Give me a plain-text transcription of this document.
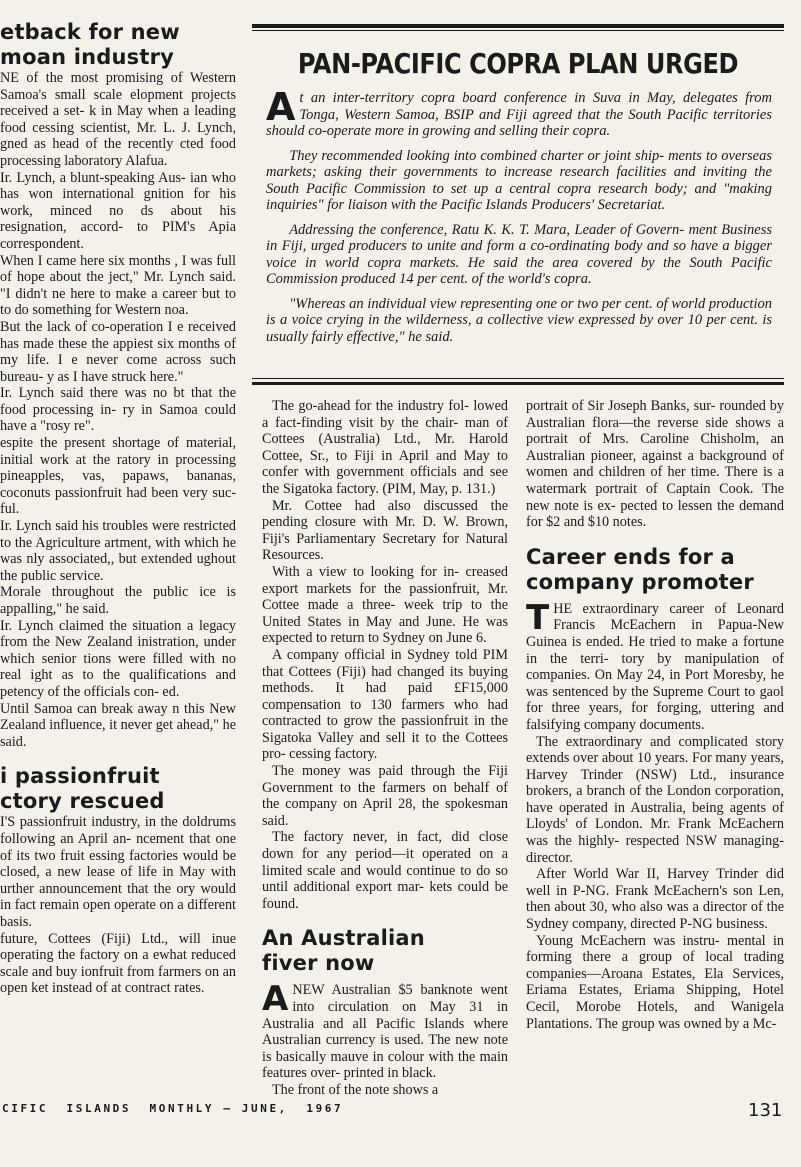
etback for new
moan industry

NE of the most promising of Western Samoa's small scale elopment projects received a set- k in May when a leading food cessing scientist, Mr. L. J. Lynch, gned as head of the recently cted food processing laboratory Alafua.

Ir. Lynch, a blunt-speaking Aus- ian who has won international gnition for his work, minced no ds about his resignation, accord- to PIM's Apia correspondent.

When I came here six months , I was full of hope about the ject," Mr. Lynch said. "I didn't ne here to make a career but to to do something for Western noa.

But the lack of co-operation I e received has made these the appiest six months of my life. I e never come across such bureau- y as I have struck here."

Ir. Lynch said there was no bt that the food processing in- ry in Samoa could have a "rosy re".

espite the present shortage of material, initial work at the ratory in processing pineapples, vas, papaws, bananas, coconuts passionfruit had been very suc- ful.

Ir. Lynch said his troubles were restricted to the Agriculture artment, with which he was nly associated,, but extended ughout the public service.

Morale throughout the public ice is appalling," he said.

Ir. Lynch claimed the situation a legacy from the New Zealand inistration, under which senior tions were filled with no real ight as to the qualifications and petency of the officials con- ed.

Until Samoa can break away n this New Zealand influence, it never get ahead," he said.

i passionfruit
ctory rescued

I'S passionfruit industry, in the doldrums following an April an- ncement that one of its two fruit essing factories would be closed, a new lease of life in May with urther announcement that the ory would in fact remain open operate on a different basis.

future, Cottees (Fiji) Ltd., will inue operating the factory on a ewhat reduced scale and buy ionfruit from farmers on an open ket instead of at contract rates.

PAN-PACIFIC COPRA PLAN URGED

At an inter-territory copra board conference in Suva in May, delegates from Tonga, Western Samoa, BSIP and Fiji agreed that the South Pacific territories should co-operate more in growing and selling their copra.

They recommended looking into combined charter or joint ship- ments to overseas markets; asking their governments to increase research facilities and inviting the South Pacific Commission to set up a central copra research body; and "making inquiries" for liaison with the Pacific Islands Producers' Secretariat.

Addressing the conference, Ratu K. K. T. Mara, Leader of Govern- ment Business in Fiji, urged producers to unite and form a co-ordinating body and so have a bigger voice in world copra markets. He said the area covered by the South Pacific Commission produced 14 per cent. of the world's copra.

"Whereas an individual view representing one or two per cent. of world production is a voice crying in the wilderness, a collective view expressed by over 10 per cent. is usually fairly effective," he said.

The go-ahead for the industry fol- lowed a fact-finding visit by the chair- man of Cottees (Australia) Ltd., Mr. Harold Cottee, Sr., to Fiji in April and May to confer with government officials and see the Sigatoka factory. (PIM, May, p. 131.)

Mr. Cottee had also discussed the pending closure with Mr. D. W. Brown, Fiji's Parliamentary Secretary for Natural Resources.

With a view to looking for in- creased export markets for the passionfruit, Mr. Cottee made a three- week trip to the United States in May and June. He was expected to return to Sydney on June 6.

A company official in Sydney told PIM that Cottees (Fiji) had changed its buying methods. It had paid £F15,000 compensation to 130 farmers who had contracted to grow the passionfruit in the Sigatoka Valley and sell it to the Cottees pro- cessing factory.

The money was paid through the Fiji Government to the farmers on behalf of the company on April 28, the spokesman said.

The factory never, in fact, did close down for any period—it operated on a limited scale and would continue to do so until additional export mar- kets could be found.

An Australian
fiver now

ANEW Australian $5 banknote went into circulation on May 31 in Australia and all Pacific Islands where Australian currency is used. The new note is basically mauve in colour with the main features over- printed in black.

The front of the note shows a

portrait of Sir Joseph Banks, sur- rounded by Australian flora—the reverse side shows a portrait of Mrs. Caroline Chisholm, an Australian pioneer, against a background of women and children of her time. There is a watermark portrait of Captain Cook. The new note is ex- pected to lessen the demand for $2 and $10 notes.

Career ends for a
company promoter

THE extraordinary career of Leonard Francis McEachern in Papua-New Guinea is ended. He tried to make a fortune in the terri- tory by manipulation of companies. On May 24, in Port Moresby, he was sentenced by the Supreme Court to gaol for three years, for forging, uttering and falsifying company documents.

The extraordinary and complicated story extends over about 10 years. For many years, Harvey Trinder (NSW) Ltd., insurance brokers, a branch of the London corporation, have operated in Australia, being agents of Lloyds' of London. Mr. Frank McEachern was the highly- respected NSW managing-director.

After World War II, Harvey Trinder did well in P-NG. Frank McEachern's son Len, then about 30, who also was a director of the Sydney company, directed P-NG business.

Young McEachern was instru- mental in forming there a group of local trading companies—Aroana Estates, Ela Services, Eriama Estates, Eriama Shipping, Hotel Cecil, Morobe Hotels, and Wanigela Plantations. The group was owned by a Mc-

CIFIC  ISLANDS  MONTHLY — JUNE,  1967	131
